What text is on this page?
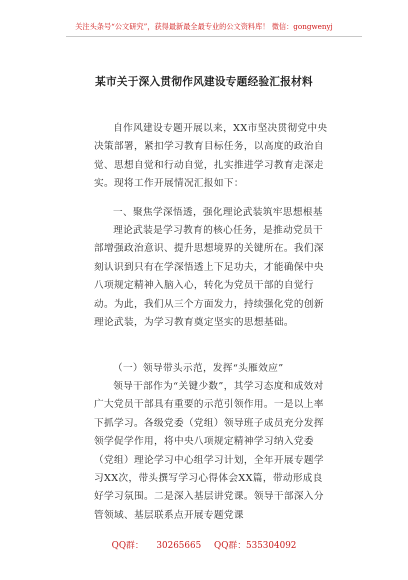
关注头条号“公文研究”，获得最新最全最专业的公文资料库！ 微信：gongwenyj
某市关于深入贯彻作风建设专题经验汇报材料
自作风建设专题开展以来，XX市坚决贯彻党中央决策部署，紧扣学习教育目标任务，以高度的政治自觉、思想自觉和行动自觉，扎实推进学习教育走深走实。现将工作开展情况汇报如下：
一、聚焦学深悟透，强化理论武装筑牢思想根基
理论武装是学习教育的核心任务，是推动党员干部增强政治意识、提升思想境界的关键所在。我们深刻认识到只有在学深悟透上下足功夫，才能确保中央八项规定精神入脑入心，转化为党员干部的自觉行动。为此，我们从三个方面发力，持续强化党的创新理论武装，为学习教育奠定坚实的思想基础。
（一）领导带头示范，发挥“头雁效应”
领导干部作为“关键少数”，其学习态度和成效对广大党员干部具有重要的示范引领作用。一是以上率下抓学习。各级党委（党组）领导班子成员充分发挥领学促学作用，将中央八项规定精神学习纳入党委（党组）理论学习中心组学习计划，全年开展专题学习XX次，带头撰写学习心得体会XX篇，带动形成良好学习氛围。二是深入基层讲党课。领导干部深入分管领域、基层联系点开展专题党课
QQ群： 30265665 QQ群：535304092
